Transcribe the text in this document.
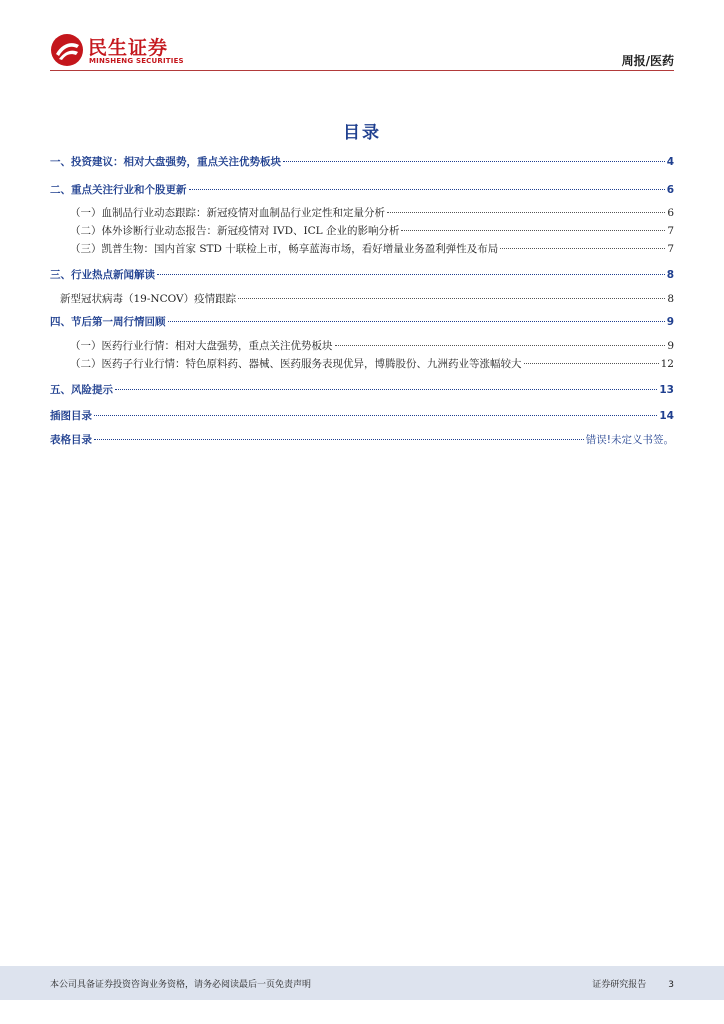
民生证券
MINSHENG SECURITIES	周报/医药
目录
一、投资建议：相对大盘强势，重点关注优势板块	4
二、重点关注行业和个股更新	6
（一）血制品行业动态跟踪：新冠疫情对血制品行业定性和定量分析	6
（二）体外诊断行业动态报告：新冠疫情对 IVD、ICL 企业的影响分析	7
（三）凯普生物：国内首家 STD 十联检上市，畅享蓝海市场，看好增量业务盈利弹性及布局	7
三、行业热点新闻解读	8
新型冠状病毒（19-NCOV）疫情跟踪	8
四、节后第一周行情回顾	9
（一）医药行业行情：相对大盘强势，重点关注优势板块	9
（二）医药子行业行情：特色原料药、器械、医药服务表现优异，博腾股份、九洲药业等涨幅较大	12
五、风险提示	13
插图目录	14
表格目录	错误!未定义书签。
本公司具备证券投资咨询业务资格，请务必阅读最后一页免责声明	证券研究报告 3
